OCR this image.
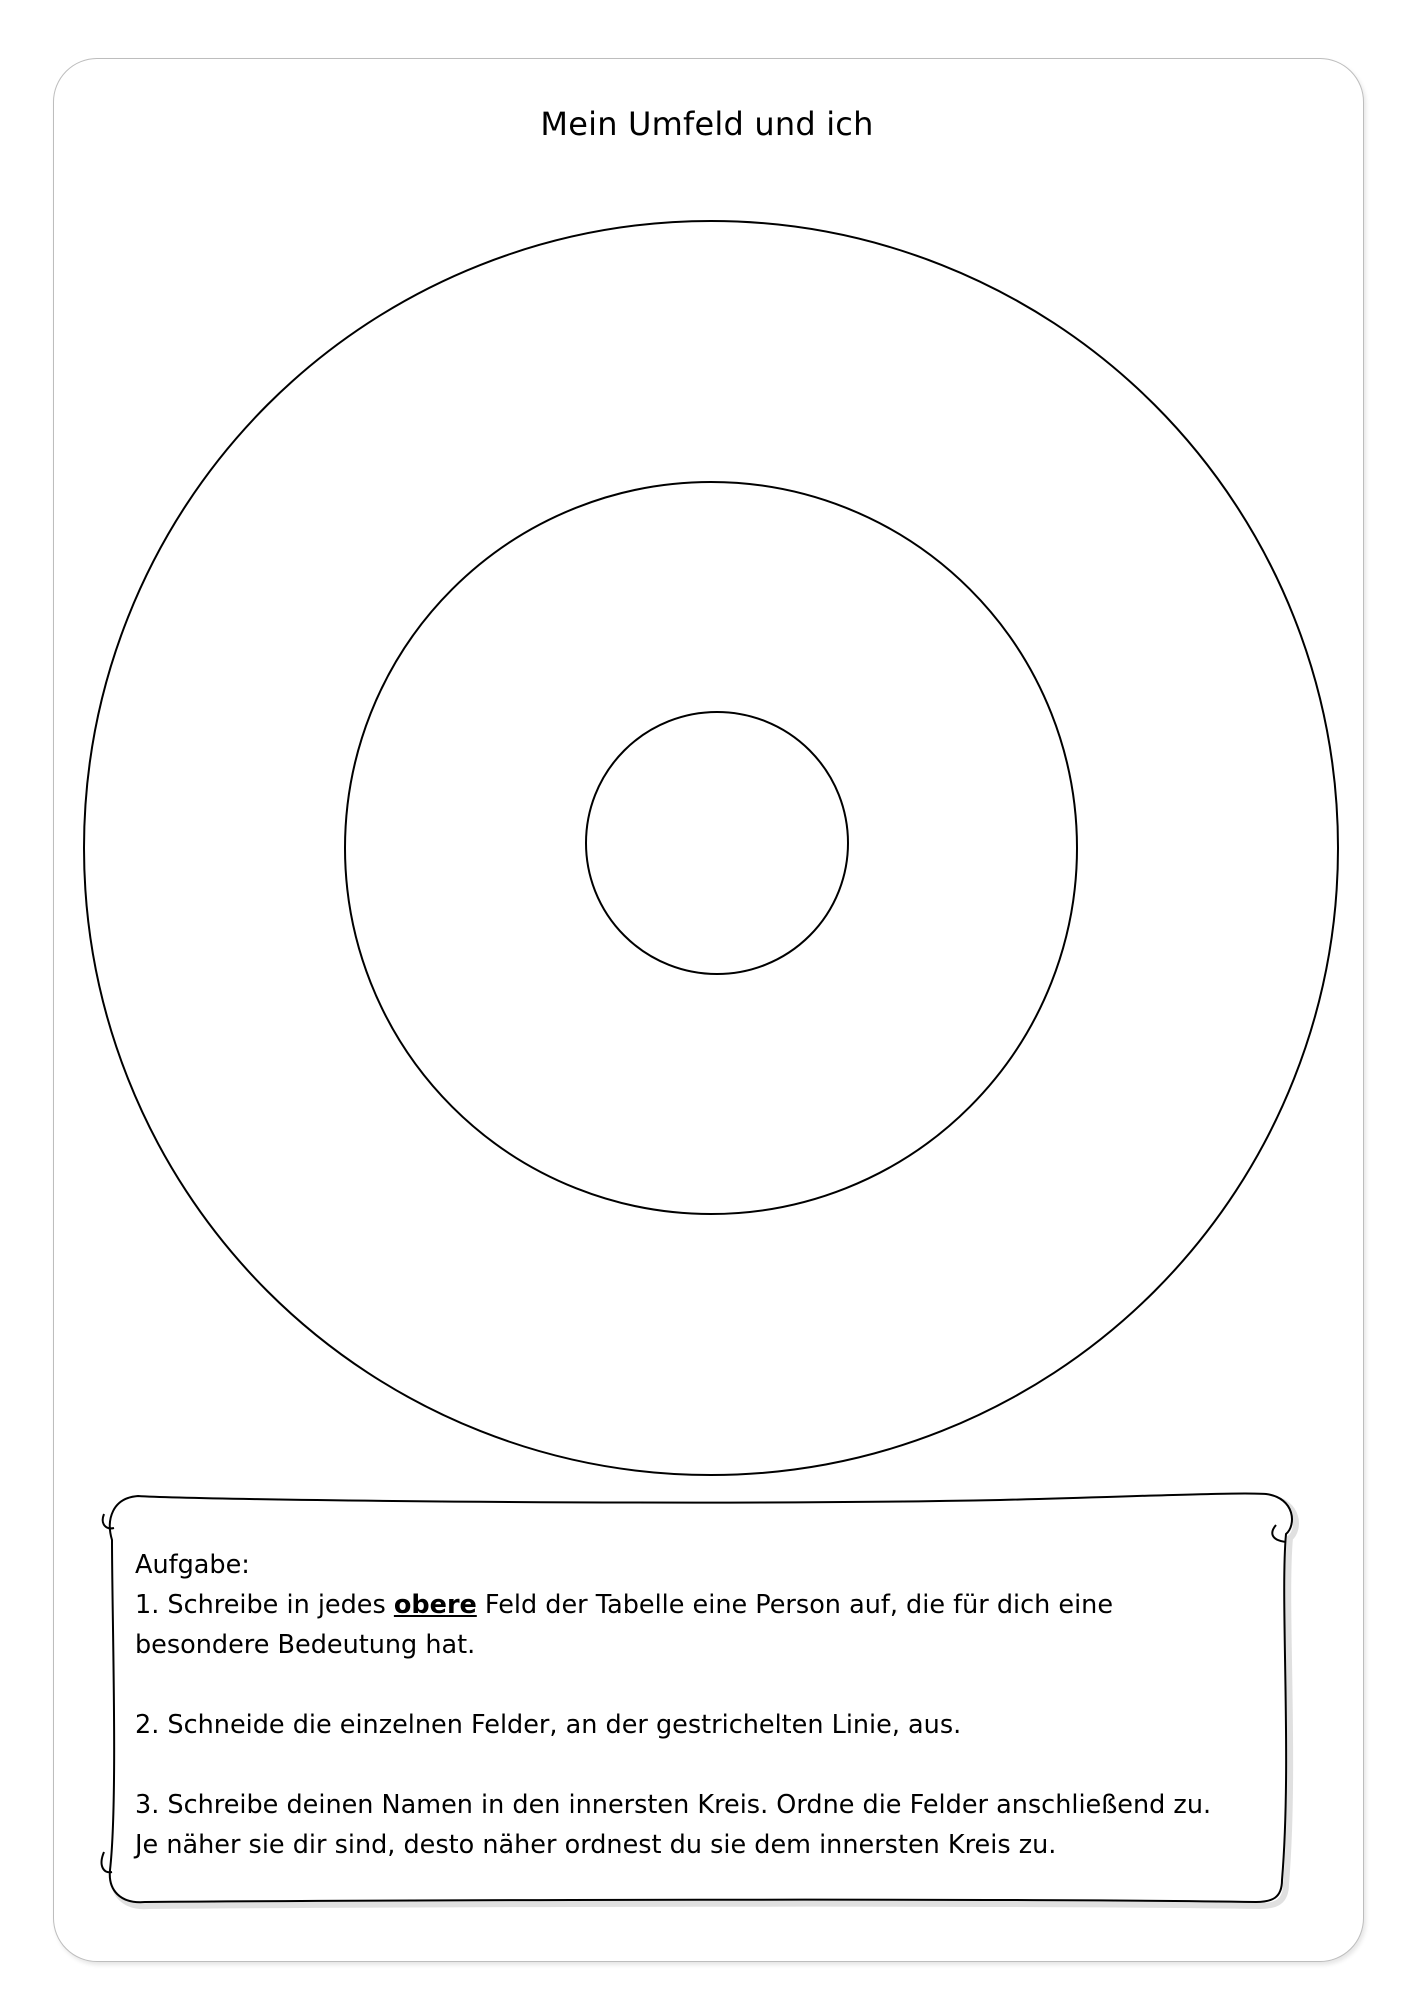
Mein Umfeld und ich

Aufgabe:

1. Schreibe in jedes obere Feld der Tabelle eine Person auf, die für dich eine

besondere Bedeutung hat.

2. Schneide die einzelnen Felder, an der gestrichelten Linie, aus.

3. Schreibe deinen Namen in den innersten Kreis. Ordne die Felder anschließend zu.

Je näher sie dir sind, desto näher ordnest du sie dem innersten Kreis zu.
